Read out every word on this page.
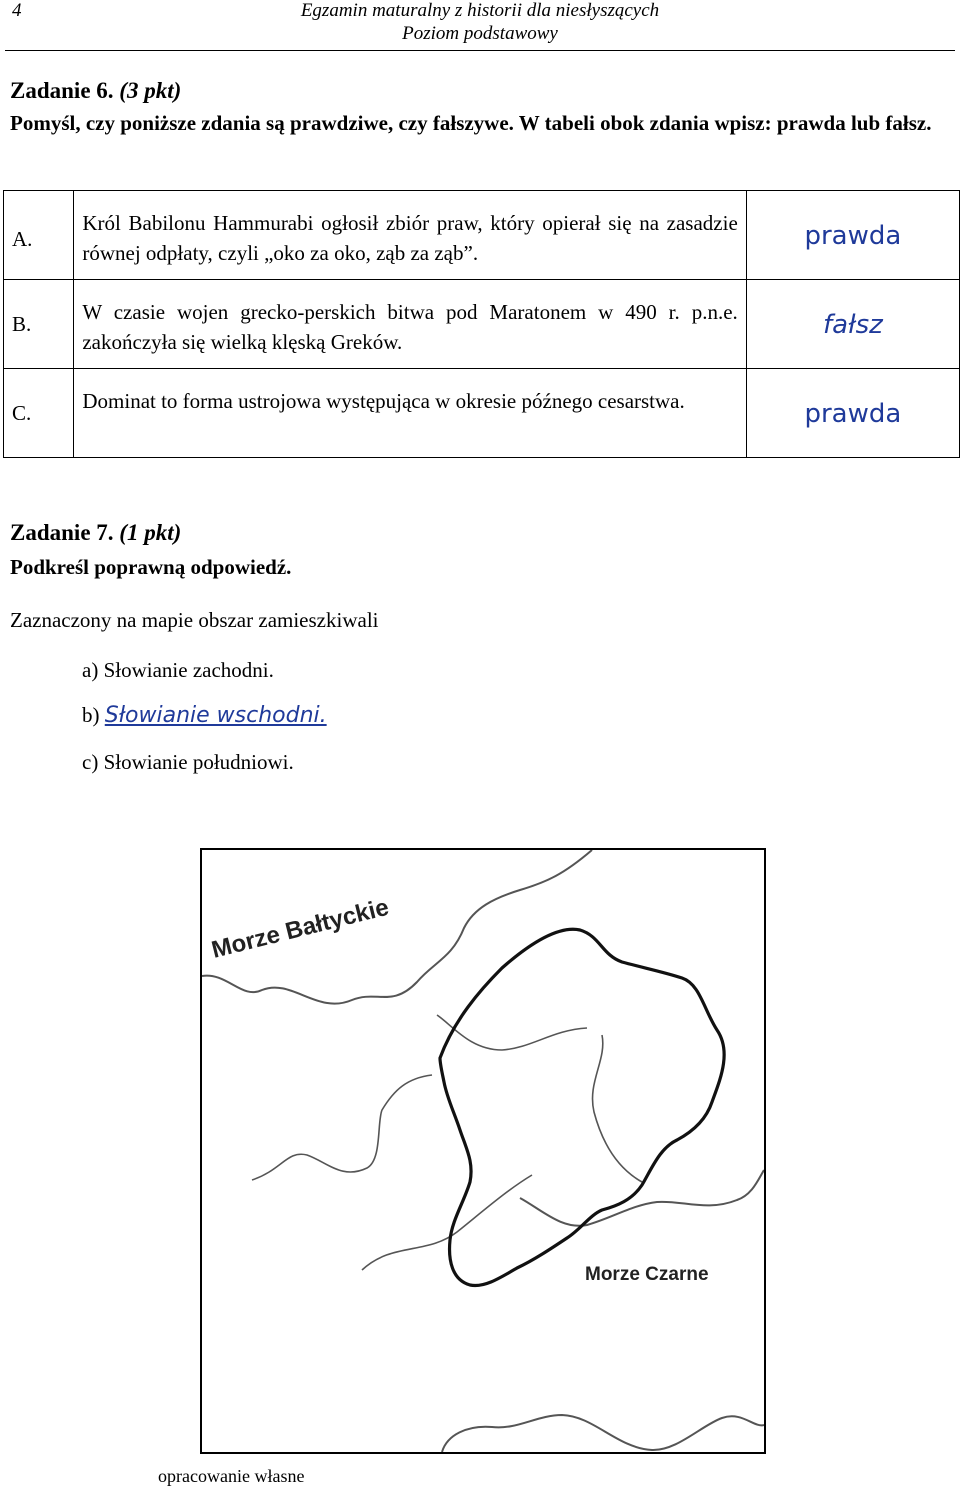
4	Egzamin maturalny z historii dla niesłyszących
Poziom podstawowy
Zadanie 6. (3 pkt)
Pomyśl, czy poniższe zdania są prawdziwe, czy fałszywe. W tabeli obok zdania wpisz: prawda lub fałsz.
A.	Król Babilonu Hammurabi ogłosił zbiór praw, który opierał się na zasadzie równej odpłaty, czyli „oko za oko, ząb za ząb”.	prawda

B.	W czasie wojen grecko-perskich bitwa pod Maratonem w 490 r. p.n.e. zakończyła się wielką klęską Greków.	fałsz

C.	Dominat to forma ustrojowa występująca w okresie późnego cesarstwa.	prawda
Zadanie 7. (1 pkt)
Podkreśl poprawną odpowiedź.
Zaznaczony na mapie obszar zamieszkiwali
a) Słowianie zachodni.
b) Słowianie wschodni.
c) Słowianie południowi.
Morze Bałtyckie
Morze Czarne
opracowanie własne
